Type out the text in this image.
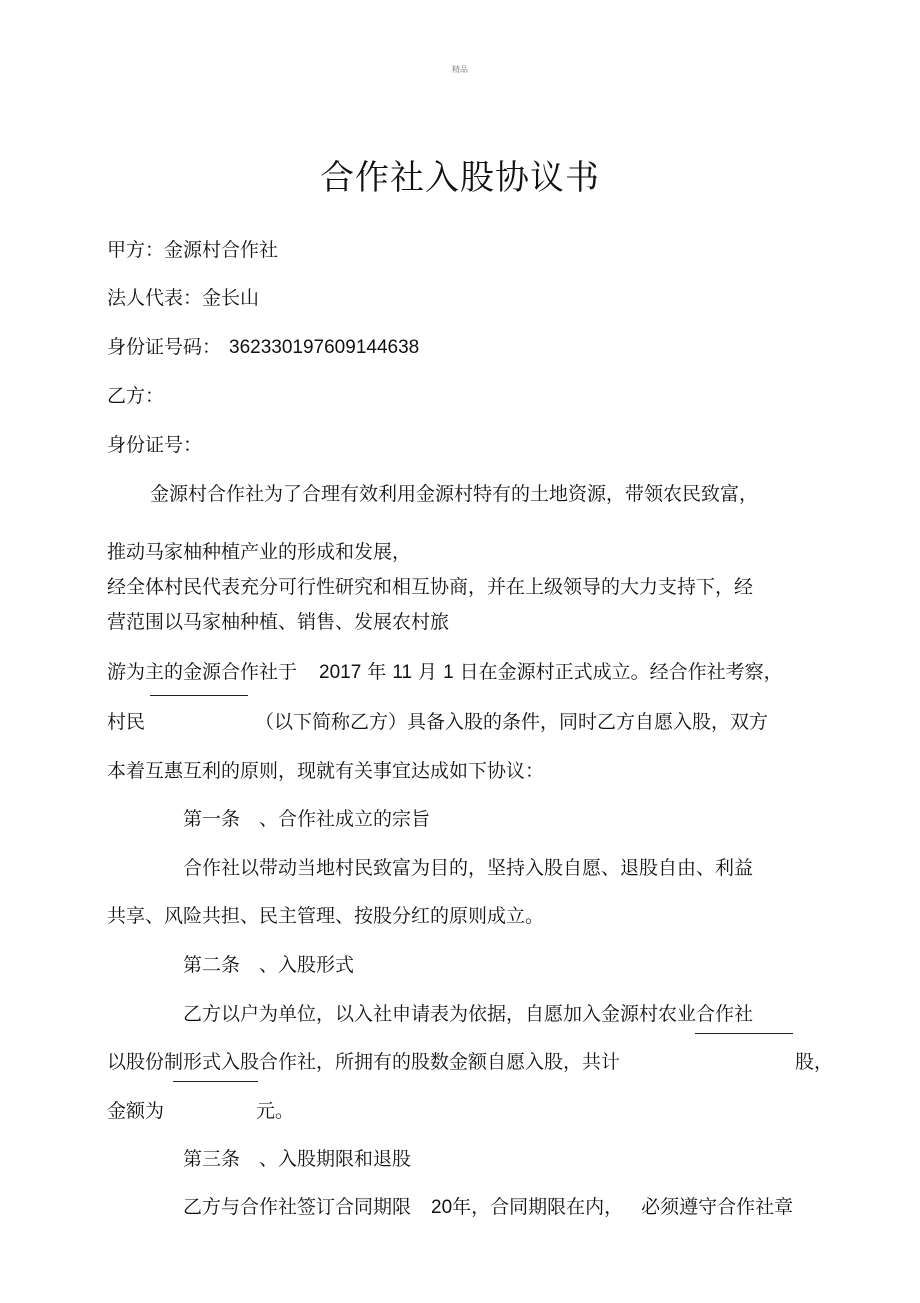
精品
合作社入股协议书
甲方：金源村合作社
法人代表：金长山
身份证号码： 362330197609144638
乙方：
身份证号：
金源村合作社为了合理有效利用金源村特有的土地资源，带领农民致富，
推动马家柚种植产业的形成和发展，
经全体村民代表充分可行性研究和相互协商，并在上级领导的大力支持下，经
营范围以马家柚种植、销售、发展农村旅
游为主的金源合作社于 2017 年 11 月 1 日在金源村正式成立。经合作社考察，
村民	（以下简称乙方）具备入股的条件，同时乙方自愿入股，双方
本着互惠互利的原则，现就有关事宜达成如下协议：
第一条　、合作社成立的宗旨
合作社以带动当地村民致富为目的，坚持入股自愿、退股自由、利益
共享、风险共担、民主管理、按股分红的原则成立。
第二条　、入股形式
乙方以户为单位，以入社申请表为依据，自愿加入金源村农业合作社
以股份制形式入股合作社，所拥有的股数金额自愿入股，共计	股，
金额为	元。
第三条　、入股期限和退股
乙方与合作社签订合同期限 20年，合同期限在内， 必须遵守合作社章
